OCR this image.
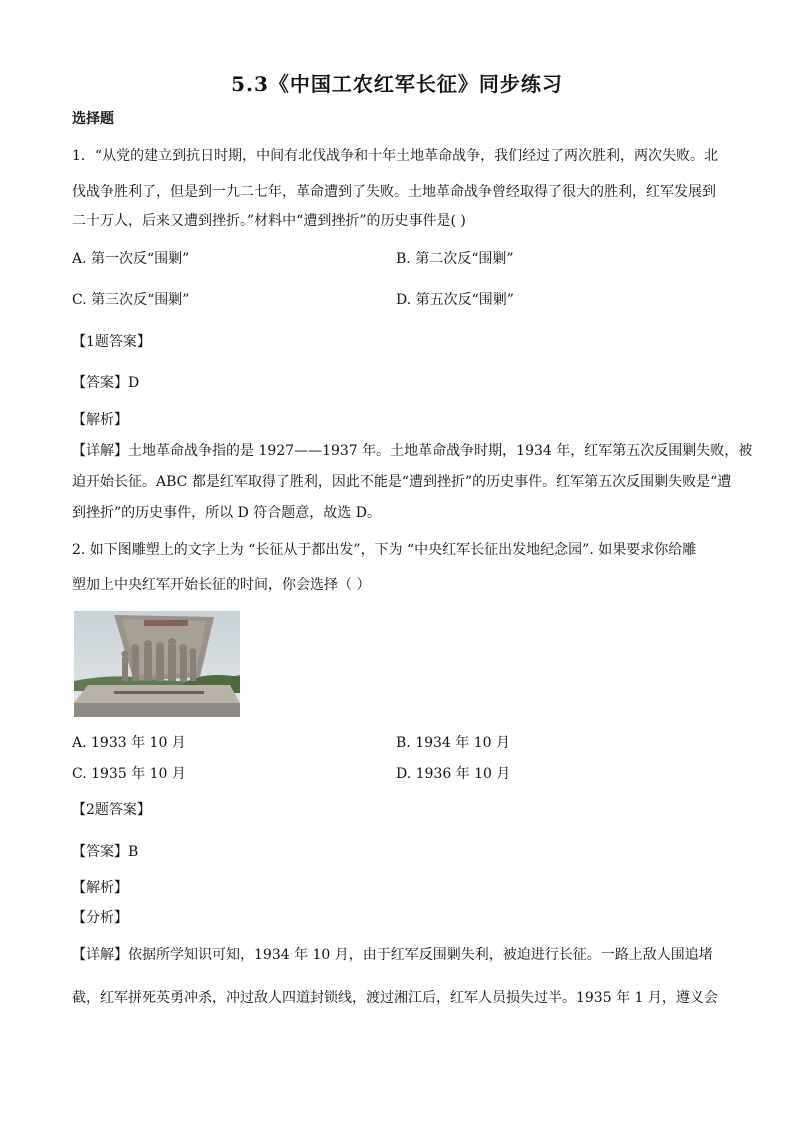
5.3《中国工农红军长征》同步练习
选择题
1．“从党的建立到抗日时期，中间有北伐战争和十年土地革命战争，我们经过了两次胜利，两次失败。北
伐战争胜利了，但是到一九二七年，革命遭到了失败。土地革命战争曾经取得了很大的胜利，红军发展到
二十万人，后来又遭到挫折。”材料中“遭到挫折”的历史事件是( )
A. 第一次反“围剿”	B. 第二次反“围剿”
C. 第三次反“围剿”	D. 第五次反“围剿”
【1题答案】
【答案】D
【解析】
【详解】土地革命战争指的是 1927——1937 年。土地革命战争时期，1934 年，红军第五次反围剿失败，被
迫开始长征。ABC 都是红军取得了胜利，因此不能是“遭到挫折”的历史事件。红军第五次反围剿失败是“遭
到挫折”的历史事件，所以 D 符合题意，故选 D。
2. 如下图雕塑上的文字上为 “长征从于都出发”，下为 “中央红军长征出发地纪念园”. 如果要求你给雕
塑加上中央红军开始长征的时间，你会选择（ ）
A. 1933 年 10 月	B. 1934 年 10 月
C. 1935 年 10 月	D. 1936 年 10 月
【2题答案】
【答案】B
【解析】
【分析】
【详解】依据所学知识可知，1934 年 10 月，由于红军反围剿失利，被迫进行长征。一路上敌人围追堵
截，红军拼死英勇冲杀，冲过敌人四道封锁线，渡过湘江后，红军人员损失过半。1935 年 1 月，遵义会
